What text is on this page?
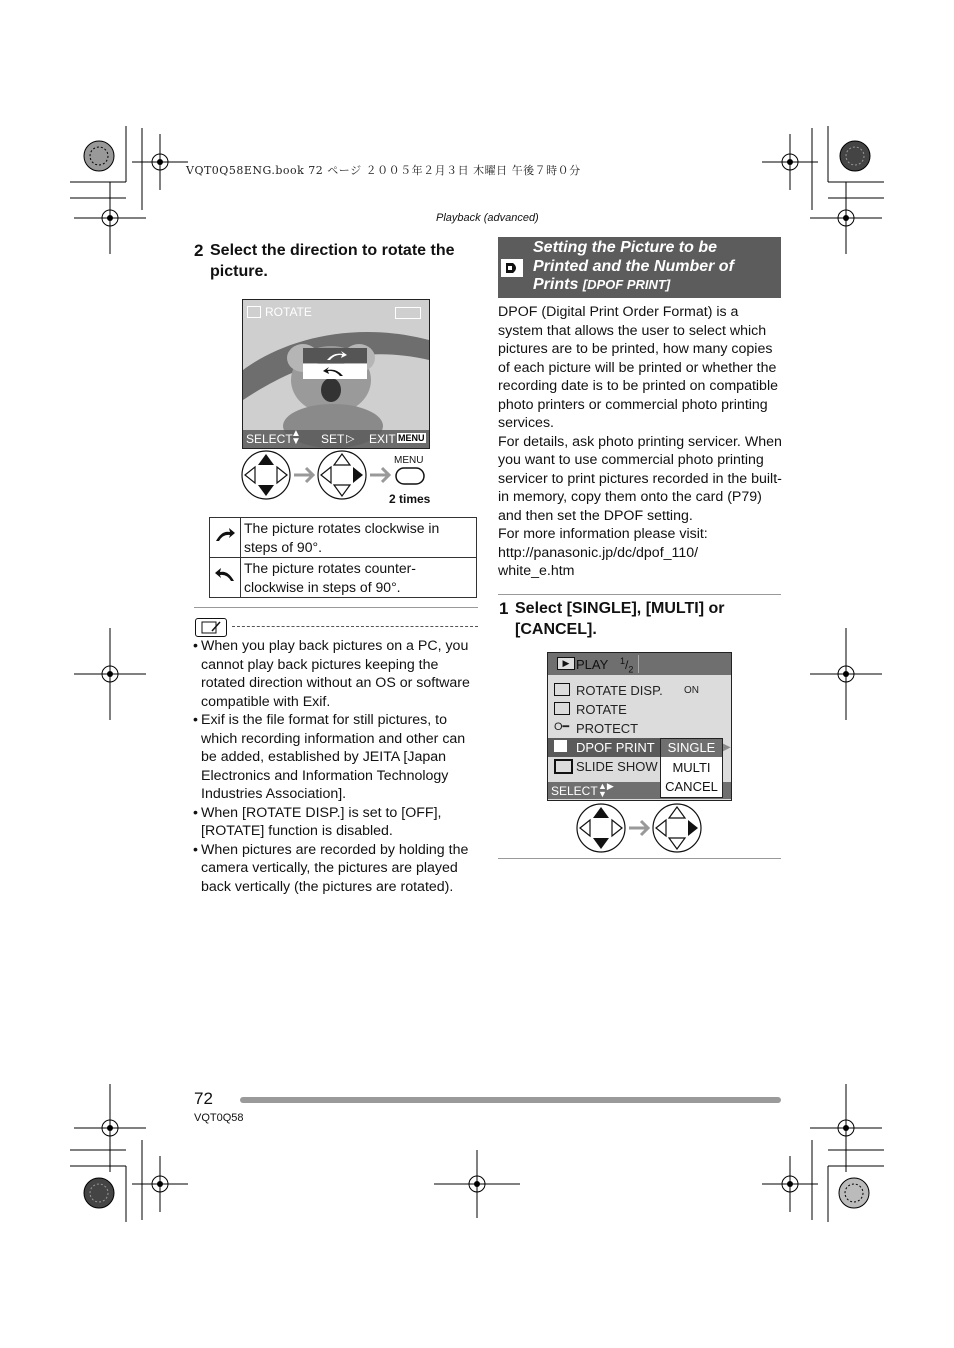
VQT0Q58ENG.book 72 ページ ２００５年２月３日 木曜日 午後７時０分
Playback (advanced)
2 Select the direction to rotate the picture.
ROTATE
SELECT
▲
▼ SET ▷ EXIT MENU
MENU
2 times
	The picture rotates clockwise in steps of 90°.
	The picture rotates counter-clockwise in steps of 90°.
• When you play back pictures on a PC, you cannot play back pictures keeping the rotated direction without an OS or software compatible with Exif.
• Exif is the file format for still pictures, to which recording information and other can be added, established by JEITA [Japan Electronics and Information Technology Industries Association].
• When [ROTATE DISP.] is set to [OFF], [ROTATE] function is disabled.
• When pictures are recorded by holding the camera vertically, the pictures are played back vertically (the pictures are rotated).
Setting the Picture to be
Printed and the Number of
Prints [DPOF PRINT]
DPOF (Digital Print Order Format) is a system that allows the user to select which pictures are to be printed, how many copies of each picture will be printed or whether the recording date is to be printed on compatible photo printers or commercial photo printing services.
For details, ask photo printing servicer. When you want to use commercial photo printing servicer to print pictures recorded in the built-in memory, copy them onto the card (P79) and then set the DPOF setting.
For more information please visit:
http://panasonic.jp/dc/dpof_110/
white_e.htm
1 Select [SINGLE], [MULTI] or [CANCEL].
▶ PLAY $^1/_2$
ROTATE DISP. ON
ROTATE
O━ PROTECT
DPOF PRINT
SLIDE SHOW
SELECT ▲▶
▼
SINGLE
MULTI
CANCEL
▶
72
VQT0Q58
